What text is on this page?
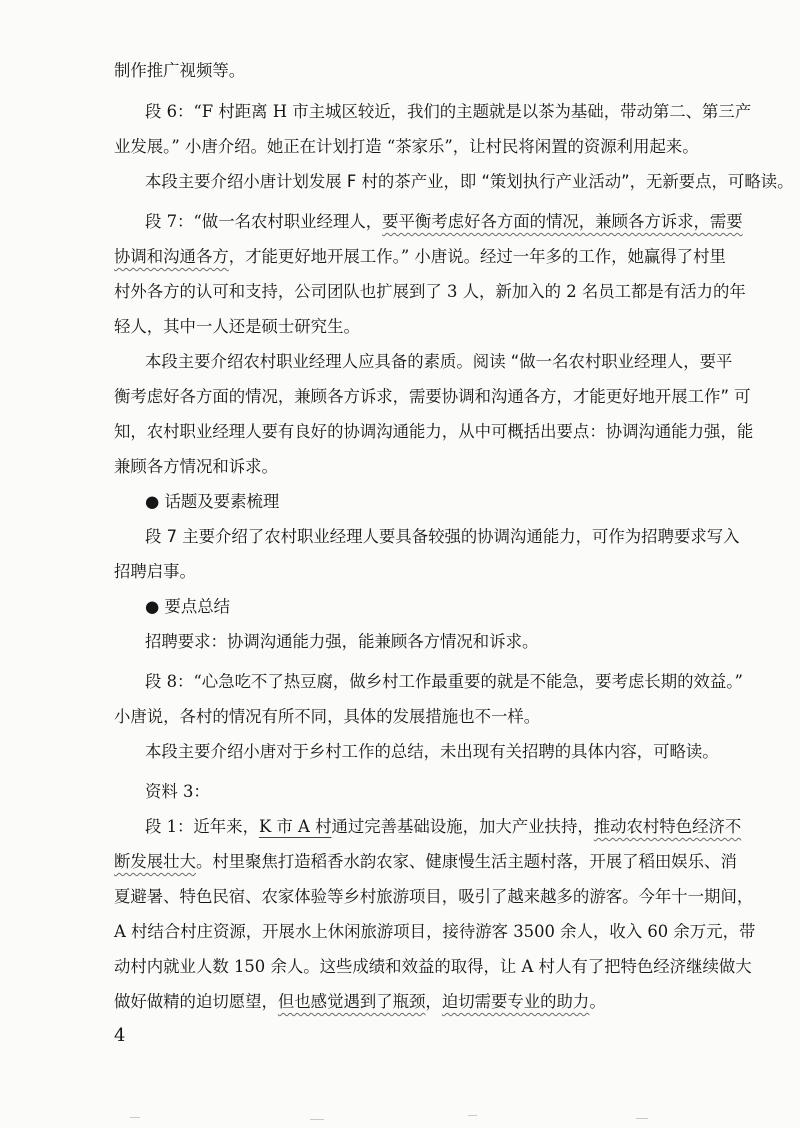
制作推广视频等。
段 6：“F 村距离 H 市主城区较近，我们的主题就是以茶为基础，带动第二、第三产
业发展。” 小唐介绍。她正在计划打造 “茶家乐”，让村民将闲置的资源利用起来。
本段主要介绍小唐计划发展 F 村的茶产业，即 “策划执行产业活动”，无新要点，可略读。
段 7：“做一名农村职业经理人，要平衡考虑好各方面的情况，兼顾各方诉求，需要
协调和沟通各方，才能更好地开展工作。” 小唐说。经过一年多的工作，她赢得了村里
村外各方的认可和支持，公司团队也扩展到了 3 人，新加入的 2 名员工都是有活力的年
轻人，其中一人还是硕士研究生。
本段主要介绍农村职业经理人应具备的素质。阅读 “做一名农村职业经理人，要平
衡考虑好各方面的情况，兼顾各方诉求，需要协调和沟通各方，才能更好地开展工作” 可
知，农村职业经理人要有良好的协调沟通能力，从中可概括出要点：协调沟通能力强，能
兼顾各方情况和诉求。
● 话题及要素梳理
段 7 主要介绍了农村职业经理人要具备较强的协调沟通能力，可作为招聘要求写入
招聘启事。
● 要点总结
招聘要求：协调沟通能力强，能兼顾各方情况和诉求。
段 8：“心急吃不了热豆腐，做乡村工作最重要的就是不能急，要考虑长期的效益。”
小唐说，各村的情况有所不同，具体的发展措施也不一样。
本段主要介绍小唐对于乡村工作的总结，未出现有关招聘的具体内容，可略读。
资料 3：
段 1：近年来，K 市 A 村通过完善基础设施，加大产业扶持，推动农村特色经济不
断发展壮大。村里聚焦打造稻香水韵农家、健康慢生活主题村落，开展了稻田娱乐、消
夏避暑、特色民宿、农家体验等乡村旅游项目，吸引了越来越多的游客。今年十一期间，
A 村结合村庄资源，开展水上休闲旅游项目，接待游客 3500 余人，收入 60 余万元，带
动村内就业人数 150 余人。这些成绩和效益的取得，让 A 村人有了把特色经济继续做大
做好做精的迫切愿望，但也感觉遇到了瓶颈，迫切需要专业的助力。
4
